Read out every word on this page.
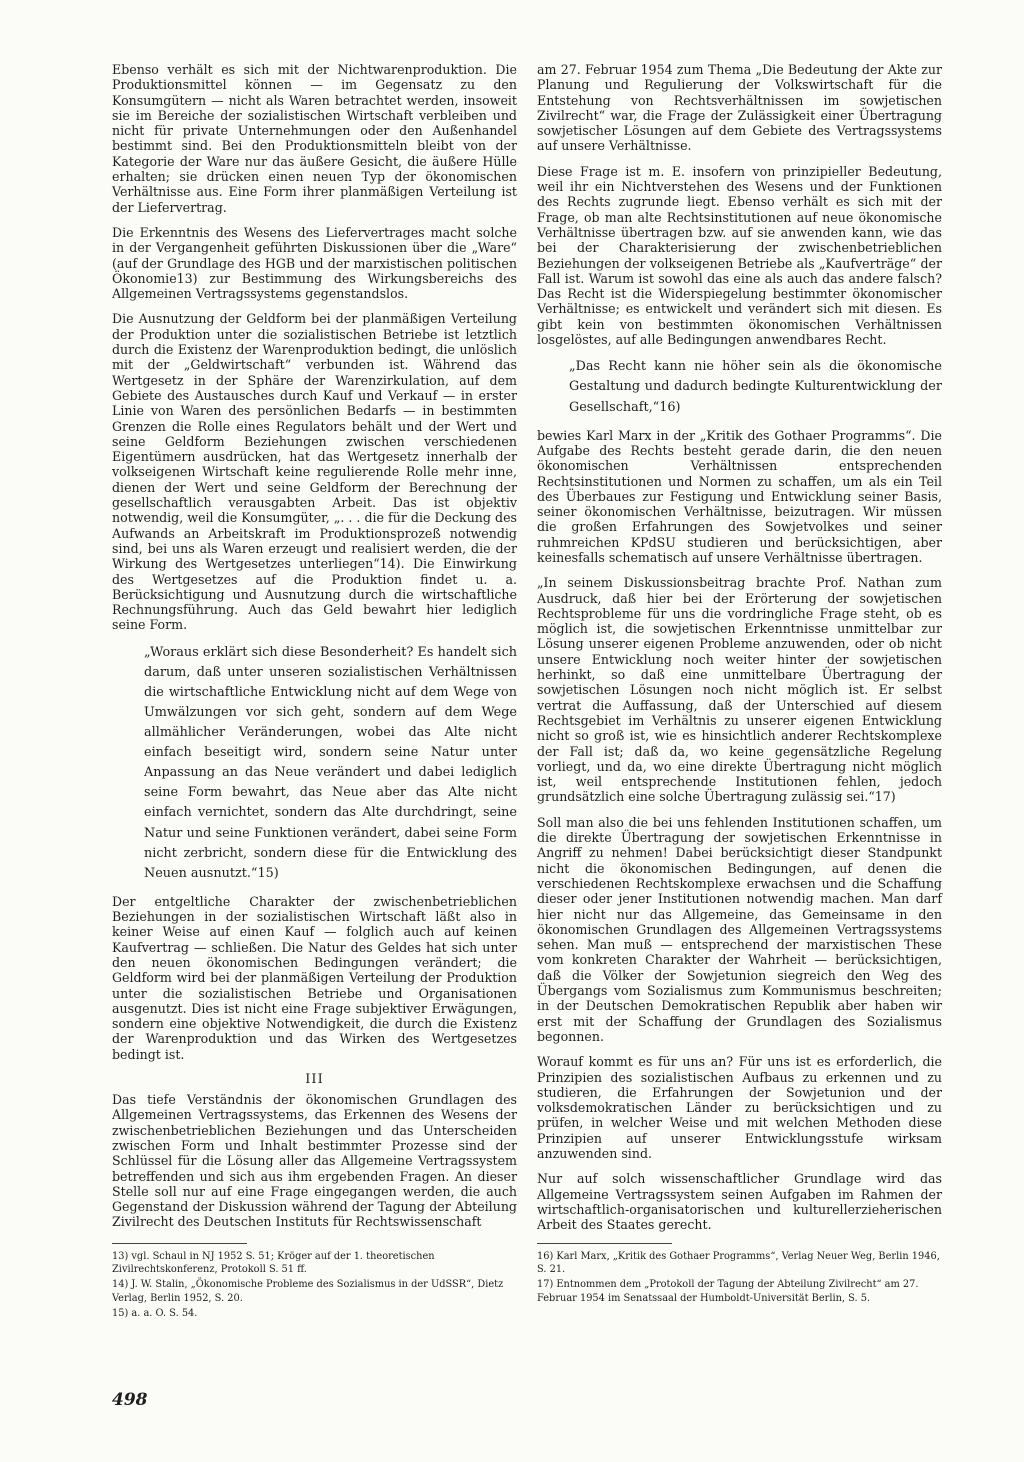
Ebenso verhält es sich mit der Nichtwarenproduktion. Die Produktionsmittel können — im Gegensatz zu den Konsumgütern — nicht als Waren betrachtet werden, insoweit sie im Bereiche der sozialistischen Wirtschaft verbleiben und nicht für private Unternehmungen oder den Außenhandel bestimmt sind. Bei den Produktionsmitteln bleibt von der Kategorie der Ware nur das äußere Gesicht, die äußere Hülle erhalten; sie drücken einen neuen Typ der ökonomischen Verhältnisse aus. Eine Form ihrer planmäßigen Verteilung ist der Liefervertrag.

Die Erkenntnis des Wesens des Liefervertrages macht solche in der Vergangenheit geführten Diskussionen über die „Ware“ (auf der Grundlage des HGB und der marxistischen politischen Ökonomie13) zur Bestimmung des Wirkungsbereichs des Allgemeinen Vertragssystems gegenstandslos.

Die Ausnutzung der Geldform bei der planmäßigen Verteilung der Produktion unter die sozialistischen Betriebe ist letztlich durch die Existenz der Warenproduktion bedingt, die unlöslich mit der „Geldwirtschaft“ verbunden ist. Während das Wertgesetz in der Sphäre der Warenzirkulation, auf dem Gebiete des Austausches durch Kauf und Verkauf — in erster Linie von Waren des persönlichen Bedarfs — in bestimmten Grenzen die Rolle eines Regulators behält und der Wert und seine Geldform Beziehungen zwischen verschiedenen Eigentümern ausdrücken, hat das Wertgesetz innerhalb der volkseigenen Wirtschaft keine regulierende Rolle mehr inne, dienen der Wert und seine Geldform der Berechnung der gesellschaftlich verausgabten Arbeit. Das ist objektiv notwendig, weil die Konsumgüter, „. . . die für die Deckung des Aufwands an Arbeitskraft im Produktionsprozeß notwendig sind, bei uns als Waren erzeugt und realisiert werden, die der Wirkung des Wertgesetzes unterliegen“14). Die Einwirkung des Wertgesetzes auf die Produktion findet u. a. Berücksichtigung und Ausnutzung durch die wirtschaftliche Rechnungsführung. Auch das Geld bewahrt hier lediglich seine Form.

„Woraus erklärt sich diese Besonderheit? Es handelt sich darum, daß unter unseren sozialistischen Verhältnissen die wirtschaftliche Entwicklung nicht auf dem Wege von Umwälzungen vor sich geht, sondern auf dem Wege allmählicher Veränderungen, wobei das Alte nicht einfach beseitigt wird, sondern seine Natur unter Anpassung an das Neue verändert und dabei lediglich seine Form bewahrt, das Neue aber das Alte nicht einfach vernichtet, sondern das Alte durchdringt, seine Natur und seine Funktionen verändert, dabei seine Form nicht zerbricht, sondern diese für die Entwicklung des Neuen ausnutzt.“15)

Der entgeltliche Charakter der zwischenbetrieblichen Beziehungen in der sozialistischen Wirtschaft läßt also in keiner Weise auf einen Kauf — folglich auch auf keinen Kaufvertrag — schließen. Die Natur des Geldes hat sich unter den neuen ökonomischen Bedingungen verändert; die Geldform wird bei der planmäßigen Verteilung der Produktion unter die sozialistischen Betriebe und Organisationen ausgenutzt. Dies ist nicht eine Frage subjektiver Erwägungen, sondern eine objektive Notwendigkeit, die durch die Existenz der Warenproduktion und das Wirken des Wertgesetzes bedingt ist.

III

Das tiefe Verständnis der ökonomischen Grundlagen des Allgemeinen Vertragssystems, das Erkennen des Wesens der zwischenbetrieblichen Beziehungen und das Unterscheiden zwischen Form und Inhalt bestimmter Prozesse sind der Schlüssel für die Lösung aller das Allgemeine Vertragssystem betreffenden und sich aus ihm ergebenden Fragen. An dieser Stelle soll nur auf eine Frage eingegangen werden, die auch Gegenstand der Diskussion während der Tagung der Abteilung Zivilrecht des Deutschen Instituts für Rechtswissenschaft

am 27. Februar 1954 zum Thema „Die Bedeutung der Akte zur Planung und Regulierung der Volkswirtschaft für die Entstehung von Rechtsverhältnissen im sowjetischen Zivilrecht“ war, die Frage der Zulässigkeit einer Übertragung sowjetischer Lösungen auf dem Gebiete des Vertragssystems auf unsere Verhältnisse.

Diese Frage ist m. E. insofern von prinzipieller Bedeutung, weil ihr ein Nichtverstehen des Wesens und der Funktionen des Rechts zugrunde liegt. Ebenso verhält es sich mit der Frage, ob man alte Rechtsinstitutionen auf neue ökonomische Verhältnisse übertragen bzw. auf sie anwenden kann, wie das bei der Charakterisierung der zwischenbetrieblichen Beziehungen der volkseigenen Betriebe als „Kaufverträge“ der Fall ist. Warum ist sowohl das eine als auch das andere falsch? Das Recht ist die Widerspiegelung bestimmter ökonomischer Verhältnisse; es entwickelt und verändert sich mit diesen. Es gibt kein von bestimmten ökonomischen Verhältnissen losgelöstes, auf alle Bedingungen anwendbares Recht.

„Das Recht kann nie höher sein als die ökonomische Gestaltung und dadurch bedingte Kulturentwicklung der Gesellschaft,“16)

bewies Karl Marx in der „Kritik des Gothaer Programms“. Die Aufgabe des Rechts besteht gerade darin, die den neuen ökonomischen Verhältnissen entsprechenden Rechtsinstitutionen und Normen zu schaffen, um als ein Teil des Überbaues zur Festigung und Entwicklung seiner Basis, seiner ökonomischen Verhältnisse, beizutragen. Wir müssen die großen Erfahrungen des Sowjetvolkes und seiner ruhmreichen KPdSU studieren und berücksichtigen, aber keinesfalls schematisch auf unsere Verhältnisse übertragen.

„In seinem Diskussionsbeitrag brachte Prof. Nathan zum Ausdruck, daß hier bei der Erörterung der sowjetischen Rechtsprobleme für uns die vordringliche Frage steht, ob es möglich ist, die sowjetischen Erkenntnisse unmittelbar zur Lösung unserer eigenen Probleme anzuwenden, oder ob nicht unsere Entwicklung noch weiter hinter der sowjetischen herhinkt, so daß eine unmittelbare Übertragung der sowjetischen Lösungen noch nicht möglich ist. Er selbst vertrat die Auffassung, daß der Unterschied auf diesem Rechtsgebiet im Verhältnis zu unserer eigenen Entwicklung nicht so groß ist, wie es hinsichtlich anderer Rechtskomplexe der Fall ist; daß da, wo keine gegensätzliche Regelung vorliegt, und da, wo eine direkte Übertragung nicht möglich ist, weil entsprechende Institutionen fehlen, jedoch grundsätzlich eine solche Übertragung zulässig sei.“17)

Soll man also die bei uns fehlenden Institutionen schaffen, um die direkte Übertragung der sowjetischen Erkenntnisse in Angriff zu nehmen! Dabei berücksichtigt dieser Standpunkt nicht die ökonomischen Bedingungen, auf denen die verschiedenen Rechtskomplexe erwachsen und die Schaffung dieser oder jener Institutionen notwendig machen. Man darf hier nicht nur das Allgemeine, das Gemeinsame in den ökonomischen Grundlagen des Allgemeinen Vertragssystems sehen. Man muß — entsprechend der marxistischen These vom konkreten Charakter der Wahrheit — berücksichtigen, daß die Völker der Sowjetunion siegreich den Weg des Übergangs vom Sozialismus zum Kommunismus beschreiten; in der Deutschen Demokratischen Republik aber haben wir erst mit der Schaffung der Grundlagen des Sozialismus begonnen.

Worauf kommt es für uns an? Für uns ist es erforderlich, die Prinzipien des sozialistischen Aufbaus zu erkennen und zu studieren, die Erfahrungen der Sowjetunion und der volksdemokratischen Länder zu berücksichtigen und zu prüfen, in welcher Weise und mit welchen Methoden diese Prinzipien auf unserer Entwicklungsstufe wirksam anzuwenden sind.

Nur auf solch wissenschaftlicher Grundlage wird das Allgemeine Vertragssystem seinen Aufgaben im Rahmen der wirtschaftlich-organisatorischen und kulturellerzieherischen Arbeit des Staates gerecht.

13) vgl. Schaul in NJ 1952 S. 51; Kröger auf der 1. theoretischen Zivilrechtskonferenz, Protokoll S. 51 ff.

14) J. W. Stalin, „Ökonomische Probleme des Sozialismus in der UdSSR“, Dietz Verlag, Berlin 1952, S. 20.

15) a. a. O. S. 54.

16) Karl Marx, „Kritik des Gothaer Programms“, Verlag Neuer Weg, Berlin 1946, S. 21.

17) Entnommen dem „Protokoll der Tagung der Abteilung Zivilrecht“ am 27. Februar 1954 im Senatssaal der Humboldt-Universität Berlin, S. 5.

498
